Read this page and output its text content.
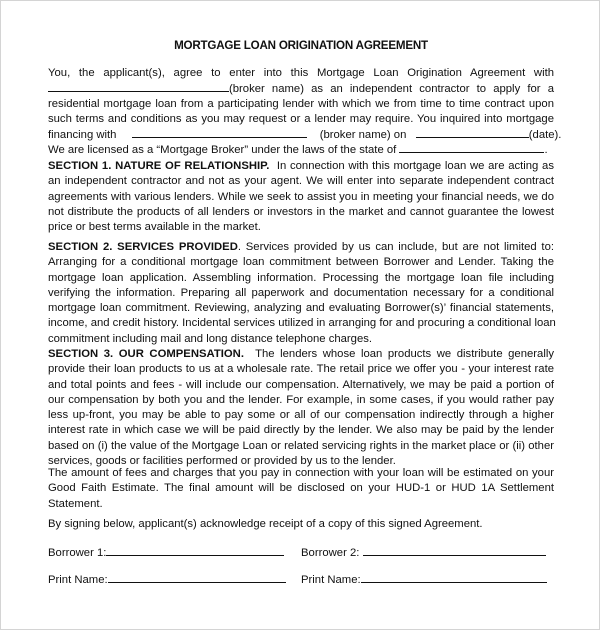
MORTGAGE LOAN ORIGINATION AGREEMENT
You, the applicant(s), agree to enter into this Mortgage Loan Origination Agreement with
(broker name) as an independent contractor to apply for a
residential mortgage loan from a participating lender with which we from time to time contract upon
such terms and conditions as you may request or a lender may require. You inquired into mortgage
financing with	(broker name) on	(date).
We are licensed as a “Mortgage Broker” under the laws of the state of	.
SECTION 1. NATURE OF RELATIONSHIP. In connection with this mortgage loan we are acting as
an independent contractor and not as your agent. We will enter into separate independent contract
agreements with various lenders. While we seek to assist you in meeting your financial needs, we do
not distribute the products of all lenders or investors in the market and cannot guarantee the lowest
price or best terms available in the market.
SECTION 2. SERVICES PROVIDED. Services provided by us can include, but are not limited to:
Arranging for a conditional mortgage loan commitment between Borrower and Lender. Taking the
mortgage loan application. Assembling information. Processing the mortgage loan file including
verifying the information. Preparing all paperwork and documentation necessary for a conditional
mortgage loan commitment. Reviewing, analyzing and evaluating Borrower(s)’ financial statements,
income, and credit history. Incidental services utilized in arranging for and procuring a conditional loan
commitment including mail and long distance telephone charges.
SECTION 3. OUR COMPENSATION. The lenders whose loan products we distribute generally
provide their loan products to us at a wholesale rate. The retail price we offer you - your interest rate
and total points and fees - will include our compensation. Alternatively, we may be paid a portion of
our compensation by both you and the lender. For example, in some cases, if you would rather pay
less up-front, you may be able to pay some or all of our compensation indirectly through a higher
interest rate in which case we will be paid directly by the lender. We also may be paid by the lender
based on (i) the value of the Mortgage Loan or related servicing rights in the market place or (ii) other
services, goods or facilities performed or provided by us to the lender.
The amount of fees and charges that you pay in connection with your loan will be estimated on your
Good Faith Estimate. The final amount will be disclosed on your HUD-1 or HUD 1A Settlement
Statement.
By signing below, applicant(s) acknowledge receipt of a copy of this signed Agreement.
Borrower 1:	Borrower 2:
Print Name:	Print Name:
